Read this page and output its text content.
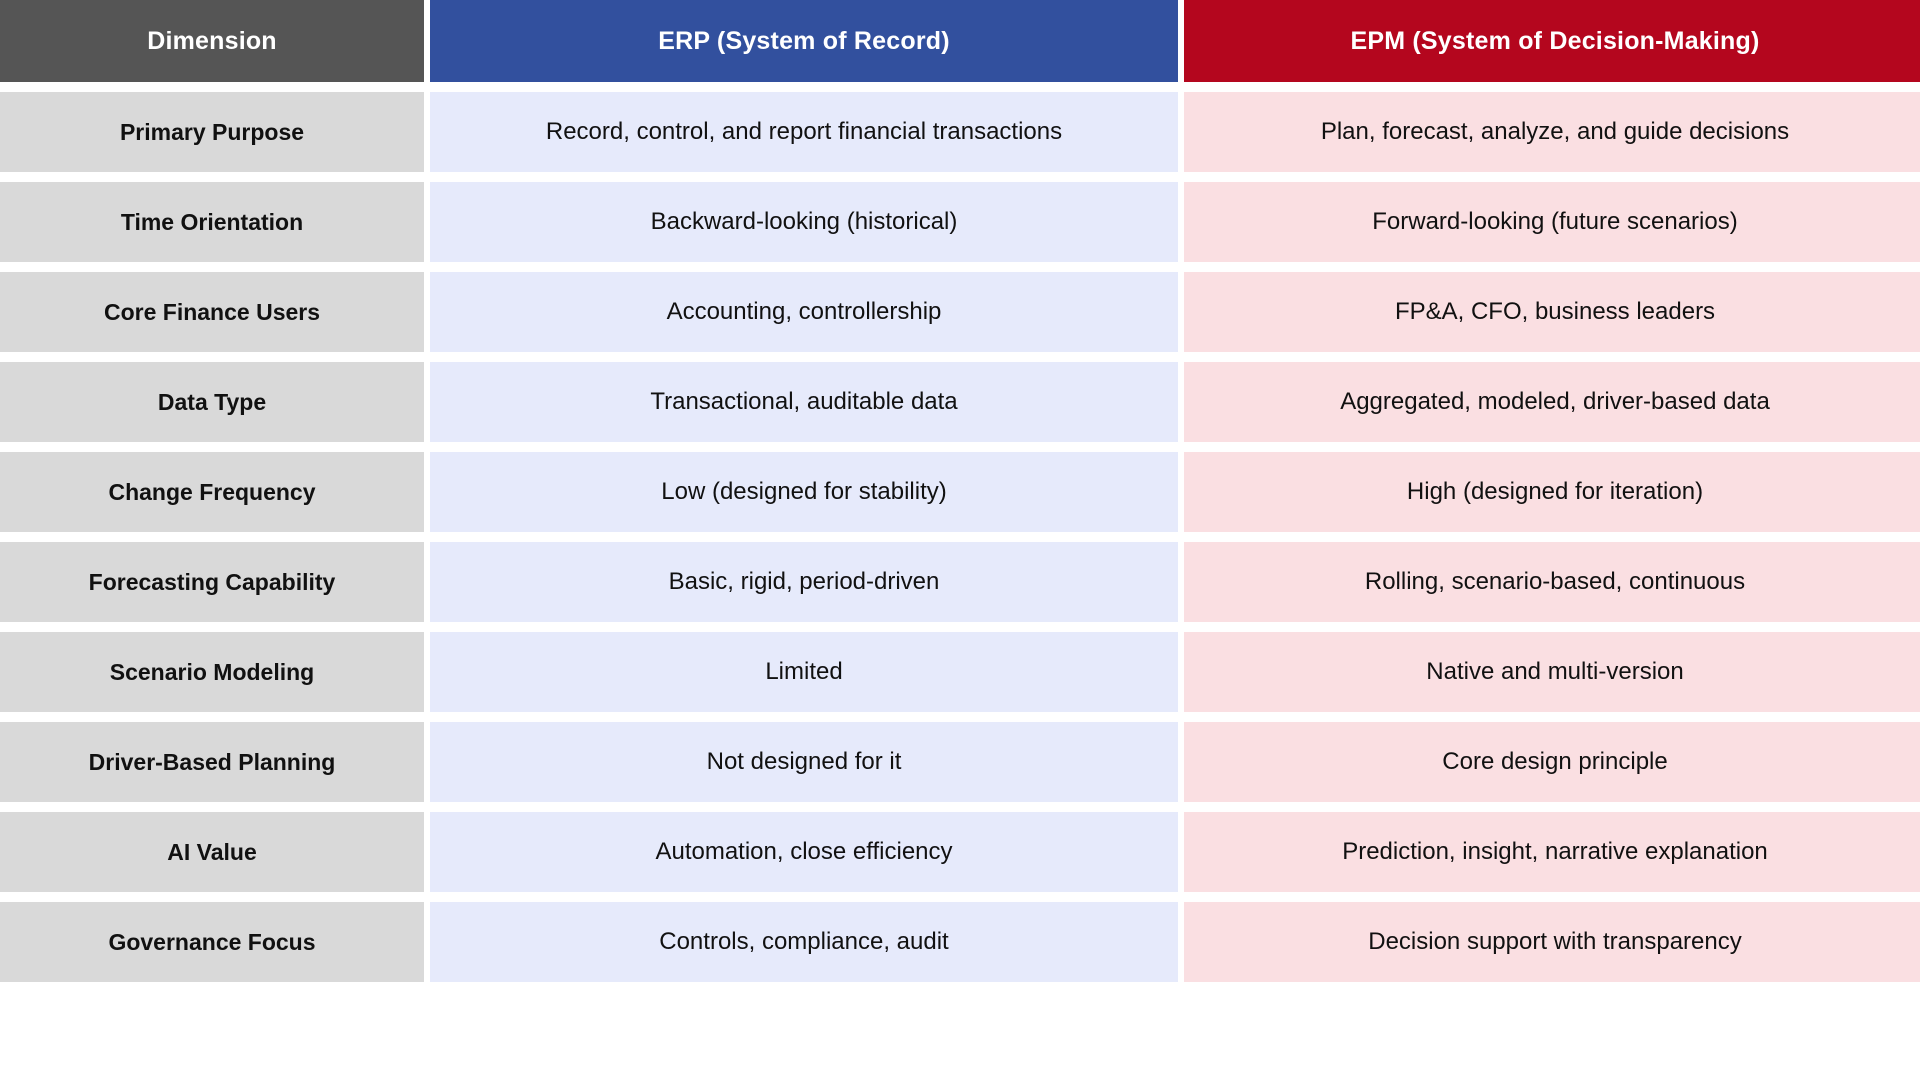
Dimension	ERP (System of Record)	EPM (System of Decision-Making)
Primary Purpose	Record, control, and report financial transactions	Plan, forecast, analyze, and guide decisions
Time Orientation	Backward-looking (historical)	Forward-looking (future scenarios)
Core Finance Users	Accounting, controllership	FP&A, CFO, business leaders
Data Type	Transactional, auditable data	Aggregated, modeled, driver-based data
Change Frequency	Low (designed for stability)	High (designed for iteration)
Forecasting Capability	Basic, rigid, period-driven	Rolling, scenario-based, continuous
Scenario Modeling	Limited	Native and multi-version
Driver-Based Planning	Not designed for it	Core design principle
AI Value	Automation, close efficiency	Prediction, insight, narrative explanation
Governance Focus	Controls, compliance, audit	Decision support with transparency
